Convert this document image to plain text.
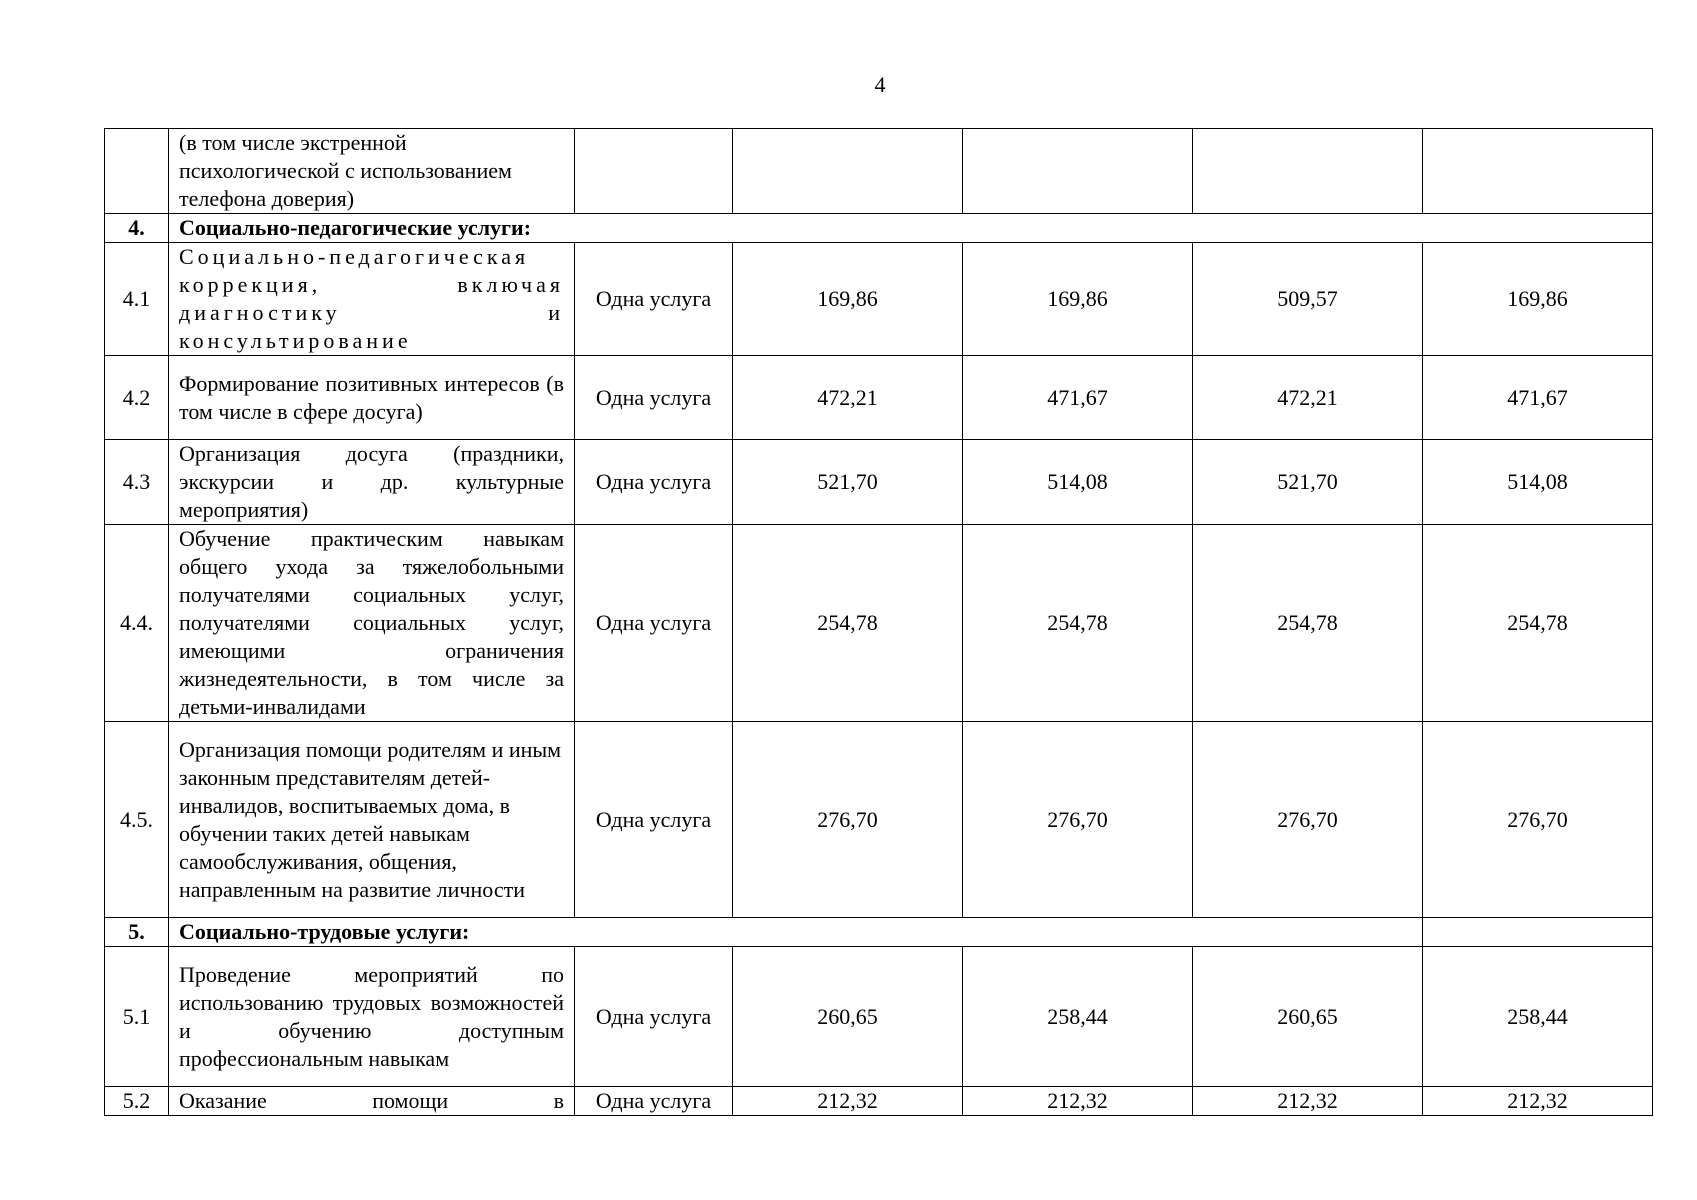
4
	(в том числе экстренной психологической с использованием телефона доверия)					
4.	Социально-педагогические услуги:					
4.1	Социально-педагогическая коррекция, включая диагностику и консультирование	Одна услуга	169,86	169,86	509,57	169,86
4.2	Формирование позитивных интересов (в том числе в сфере досуга)	Одна услуга	472,21	471,67	472,21	471,67
4.3	Организация досуга (праздники, экскурсии и др. культурные мероприятия)	Одна услуга	521,70	514,08	521,70	514,08
4.4.	Обучение практическим навыкам общего ухода за тяжелобольными получателями социальных услуг, получателями социальных услуг, имеющими ограничения жизнедеятельности, в том числе за детьми-инвалидами	Одна услуга	254,78	254,78	254,78	254,78
4.5.	Организация помощи родителям и иным законным представителям детей-инвалидов, воспитываемых дома, в обучении таких детей навыкам самообслуживания, общения, направленным на развитие личности	Одна услуга	276,70	276,70	276,70	276,70
5.	Социально-трудовые услуги:					
5.1	Проведение мероприятий по использованию трудовых возможностей и обучению доступным профессиональным навыкам	Одна услуга	260,65	258,44	260,65	258,44
5.2	Оказание помощи в	Одна услуга	212,32	212,32	212,32	212,32
